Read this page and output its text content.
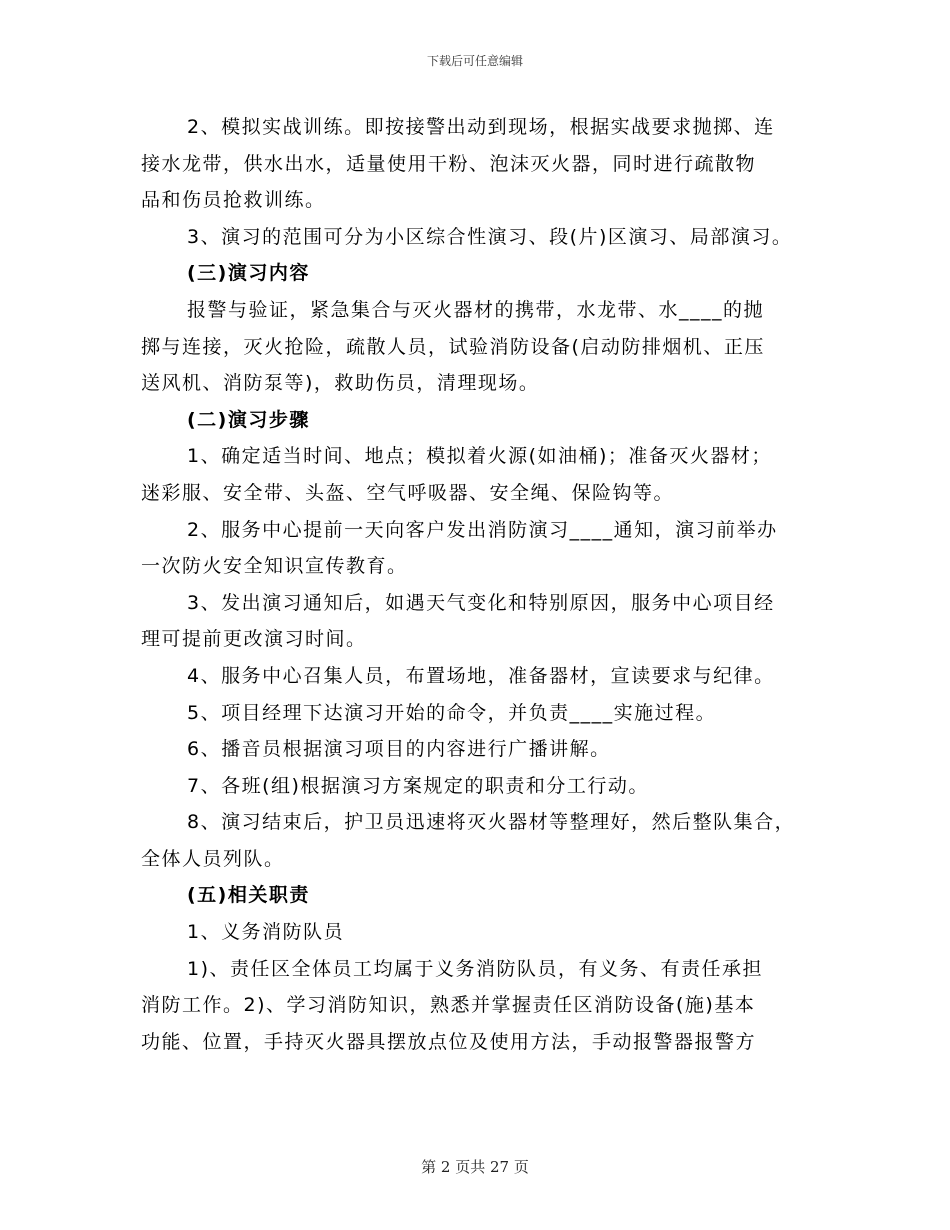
下载后可任意编辑
2、模拟实战训练。即按接警出动到现场，根据实战要求抛掷、连
接水龙带，供水出水，适量使用干粉、泡沫灭火器，同时进行疏散物
品和伤员抢救训练。
3、演习的范围可分为小区综合性演习、段(片)区演习、局部演习。
(三)演习内容
报警与验证，紧急集合与灭火器材的携带，水龙带、水____的抛
掷与连接，灭火抢险，疏散人员，试验消防设备(启动防排烟机、正压
送风机、消防泵等)，救助伤员，清理现场。
(二)演习步骤
1、确定适当时间、地点；模拟着火源(如油桶)；准备灭火器材；
迷彩服、安全带、头盔、空气呼吸器、安全绳、保险钩等。
2、服务中心提前一天向客户发出消防演习____通知，演习前举办
一次防火安全知识宣传教育。
3、发出演习通知后，如遇天气变化和特别原因，服务中心项目经
理可提前更改演习时间。
4、服务中心召集人员，布置场地，准备器材，宣读要求与纪律。
5、项目经理下达演习开始的命令，并负责____实施过程。
6、播音员根据演习项目的内容进行广播讲解。
7、各班(组)根据演习方案规定的职责和分工行动。
8、演习结束后，护卫员迅速将灭火器材等整理好，然后整队集合，
全体人员列队。
(五)相关职责
1、义务消防队员
1)、责任区全体员工均属于义务消防队员，有义务、有责任承担
消防工作。2)、学习消防知识，熟悉并掌握责任区消防设备(施)基本
功能、位置，手持灭火器具摆放点位及使用方法，手动报警器报警方
第 2 页共 27 页
